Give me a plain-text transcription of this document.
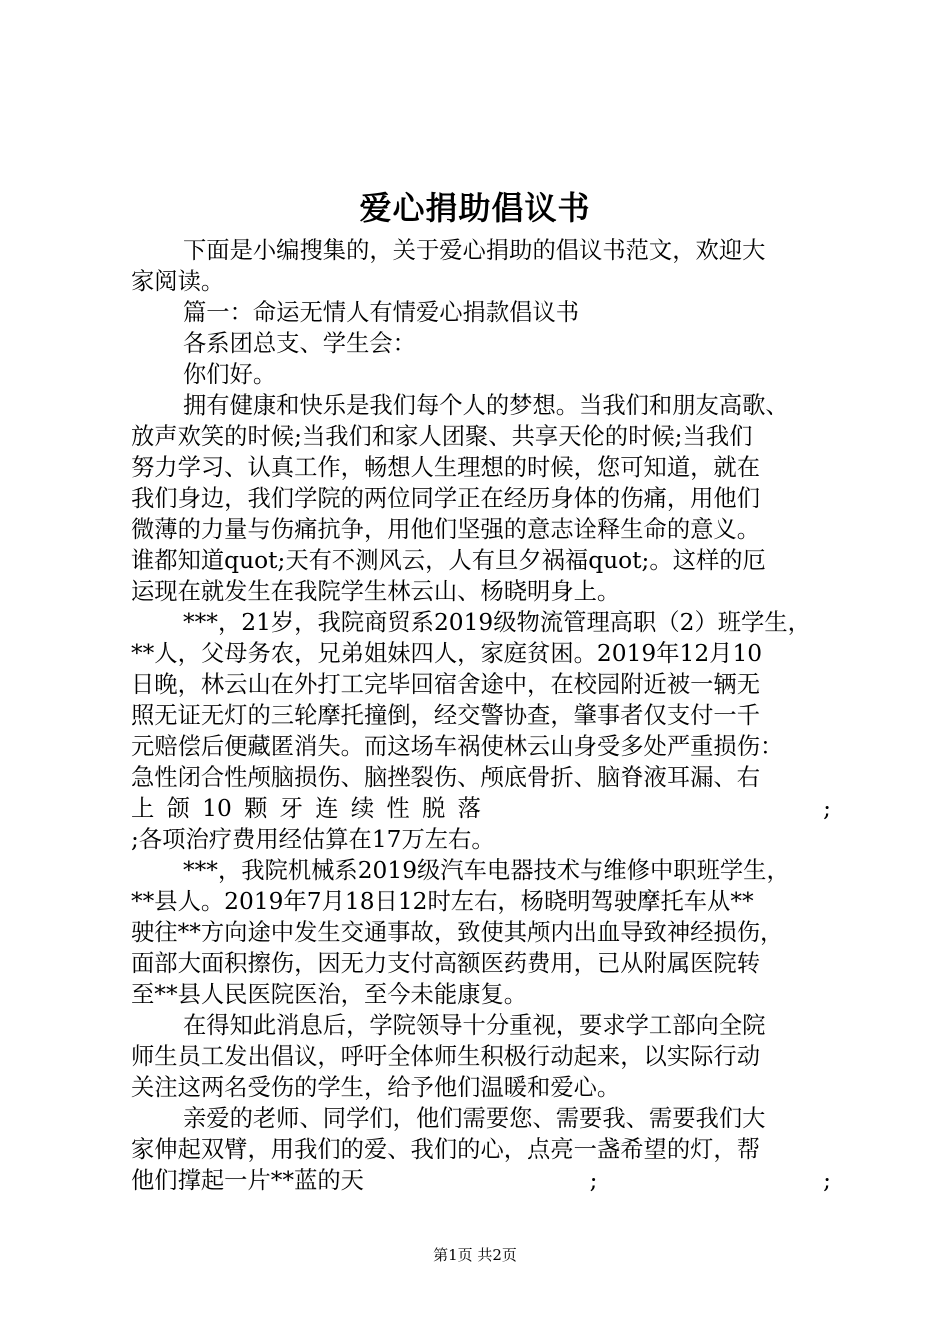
爱心捐助倡议书
下面是小编搜集的，关于爱心捐助的倡议书范文，欢迎大
家阅读。
篇一：命运无情人有情爱心捐款倡议书
各系团总支、学生会：
你们好。
拥有健康和快乐是我们每个人的梦想。当我们和朋友高歌、
放声欢笑的时候;当我们和家人团聚、共享天伦的时候;当我们
努力学习、认真工作，畅想人生理想的时候，您可知道，就在
我们身边，我们学院的两位同学正在经历身体的伤痛，用他们
微薄的力量与伤痛抗争，用他们坚强的意志诠释生命的意义。
谁都知道quot;天有不测风云，人有旦夕祸福quot;。这样的厄
运现在就发生在我院学生林云山、杨晓明身上。
***，21岁，我院商贸系2019级物流管理高职（2）班学生，
**人，父母务农，兄弟姐妹四人，家庭贫困。2019年12月10
日晚，林云山在外打工完毕回宿舍途中，在校园附近被一辆无
照无证无灯的三轮摩托撞倒，经交警协查，肇事者仅支付一千
元赔偿后便藏匿消失。而这场车祸使林云山身受多处严重损伤：
急性闭合性颅脑损伤、脑挫裂伤、颅底骨折、脑脊液耳漏、右
上 颌 10 颗 牙 连 续 性 脱 落	;
;各项治疗费用经估算在17万左右。
***，我院机械系2019级汽车电器技术与维修中职班学生，
**县人。2019年7月18日12时左右，杨晓明驾驶摩托车从**
驶往**方向途中发生交通事故，致使其颅内出血导致神经损伤，
面部大面积擦伤，因无力支付高额医药费用，已从附属医院转
至**县人民医院医治，至今未能康复。
在得知此消息后，学院领导十分重视，要求学工部向全院
师生员工发出倡议，呼吁全体师生积极行动起来，以实际行动
关注这两名受伤的学生，给予他们温暖和爱心。
亲爱的老师、同学们，他们需要您、需要我、需要我们大
家伸起双臂，用我们的爱、我们的心，点亮一盏希望的灯，帮
他们撑起一片**蓝的天	;	;
第1页 共2页
